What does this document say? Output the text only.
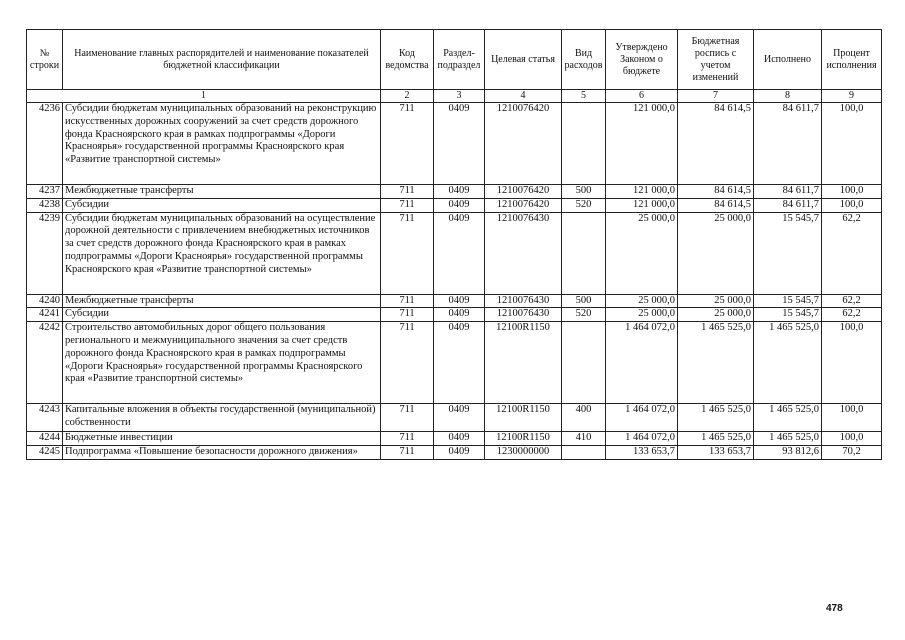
№ строки	Наименование главных распорядителей и наименование показателей бюджетной классификации	Код ведомства	Раздел-подраздел	Целевая статья	Вид расходов	Утверждено Законом о бюджете	Бюджетная роспись с учетом изменений	Исполнено	Процент исполнения
1		2	3	4	5	6	7	8	9
4236	Субсидии бюджетам муниципальных образований на реконструкцию искусственных дорожных сооружений за счет средств дорожного фонда Красноярского края в рамках подпрограммы «Дороги Красноярья» государственной программы Красноярского края «Развитие транспортной системы»	711	0409	1210076420		121 000,0	84 614,5	84 611,7	100,0
4237	Межбюджетные трансферты	711	0409	1210076420	500	121 000,0	84 614,5	84 611,7	100,0
4238	Субсидии	711	0409	1210076420	520	121 000,0	84 614,5	84 611,7	100,0
4239	Субсидии бюджетам муниципальных образований на осуществление дорожной деятельности с привлечением внебюджетных источников за счет средств дорожного фонда Красноярского края в рамках подпрограммы «Дороги Красноярья» государственной программы Красноярского края «Развитие транспортной системы»	711	0409	1210076430		25 000,0	25 000,0	15 545,7	62,2
4240	Межбюджетные трансферты	711	0409	1210076430	500	25 000,0	25 000,0	15 545,7	62,2
4241	Субсидии	711	0409	1210076430	520	25 000,0	25 000,0	15 545,7	62,2
4242	Строительство автомобильных дорог общего пользования регионального и межмуниципального значения за счет средств дорожного фонда Красноярского края в рамках подпрограммы «Дороги Красноярья» государственной программы Красноярского края «Развитие транспортной системы»	711	0409	12100R1150		1 464 072,0	1 465 525,0	1 465 525,0	100,0
4243	Капитальные вложения в объекты государственной (муниципальной) собственности	711	0409	12100R1150	400	1 464 072,0	1 465 525,0	1 465 525,0	100,0
4244	Бюджетные инвестиции	711	0409	12100R1150	410	1 464 072,0	1 465 525,0	1 465 525,0	100,0
4245	Подпрограмма «Повышение безопасности дорожного движения»	711	0409	1230000000		133 653,7	133 653,7	93 812,6	70,2
478
